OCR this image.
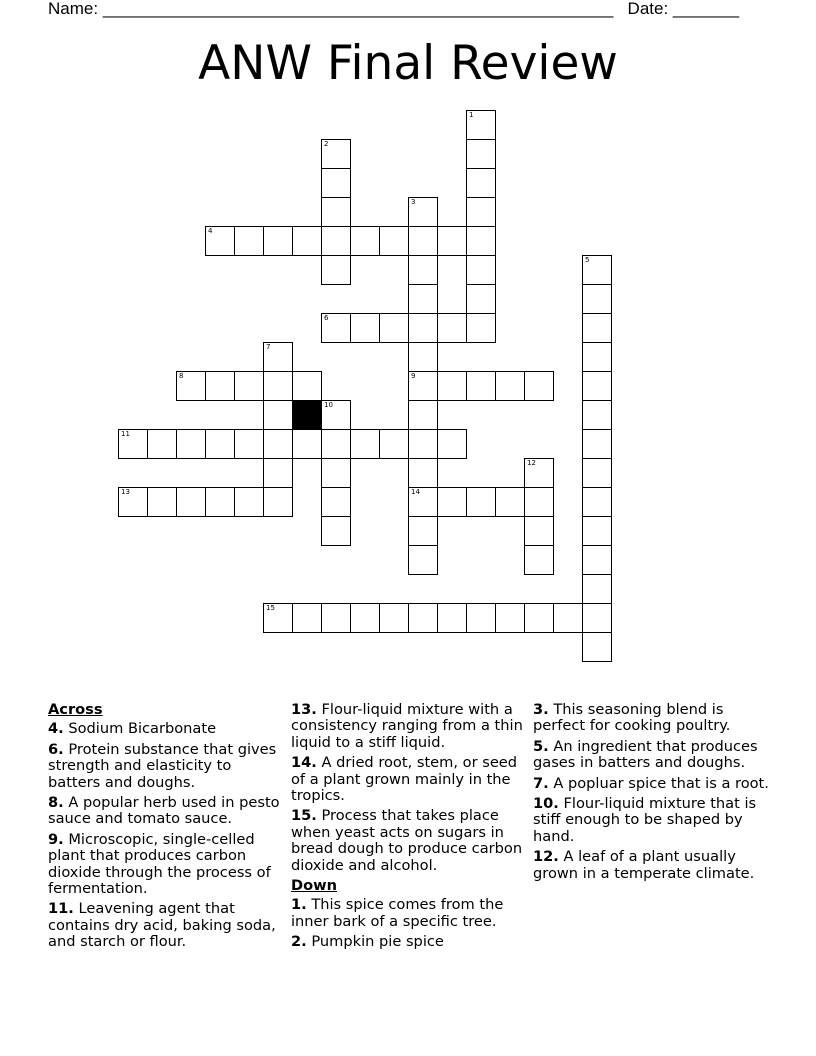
Name: ______________________________________________________ Date: _______
ANW Final Review
1
2
3
9
14
4
5
6
7
8
10
11
12
13
15
Across
4. Sodium Bicarbonate
6. Protein substance that gives strength and elasticity to batters and doughs.
8. A popular herb used in pesto sauce and tomato sauce.
9. Microscopic, single-celled plant that produces carbon dioxide through the process of fermentation.
11. Leavening agent that contains dry acid, baking soda, and starch or flour.
13. Flour-liquid mixture with a consistency ranging from a thin liquid to a stiff liquid.
14. A dried root, stem, or seed of a plant grown mainly in the tropics.
15. Process that takes place when yeast acts on sugars in bread dough to produce carbon dioxide and alcohol.
Down
1. This spice comes from the inner bark of a specific tree.
2. Pumpkin pie spice
3. This seasoning blend is perfect for cooking poultry.
5. An ingredient that produces gases in batters and doughs.
7. A popluar spice that is a root.
10. Flour-liquid mixture that is stiff enough to be shaped by hand.
12. A leaf of a plant usually grown in a temperate climate.
